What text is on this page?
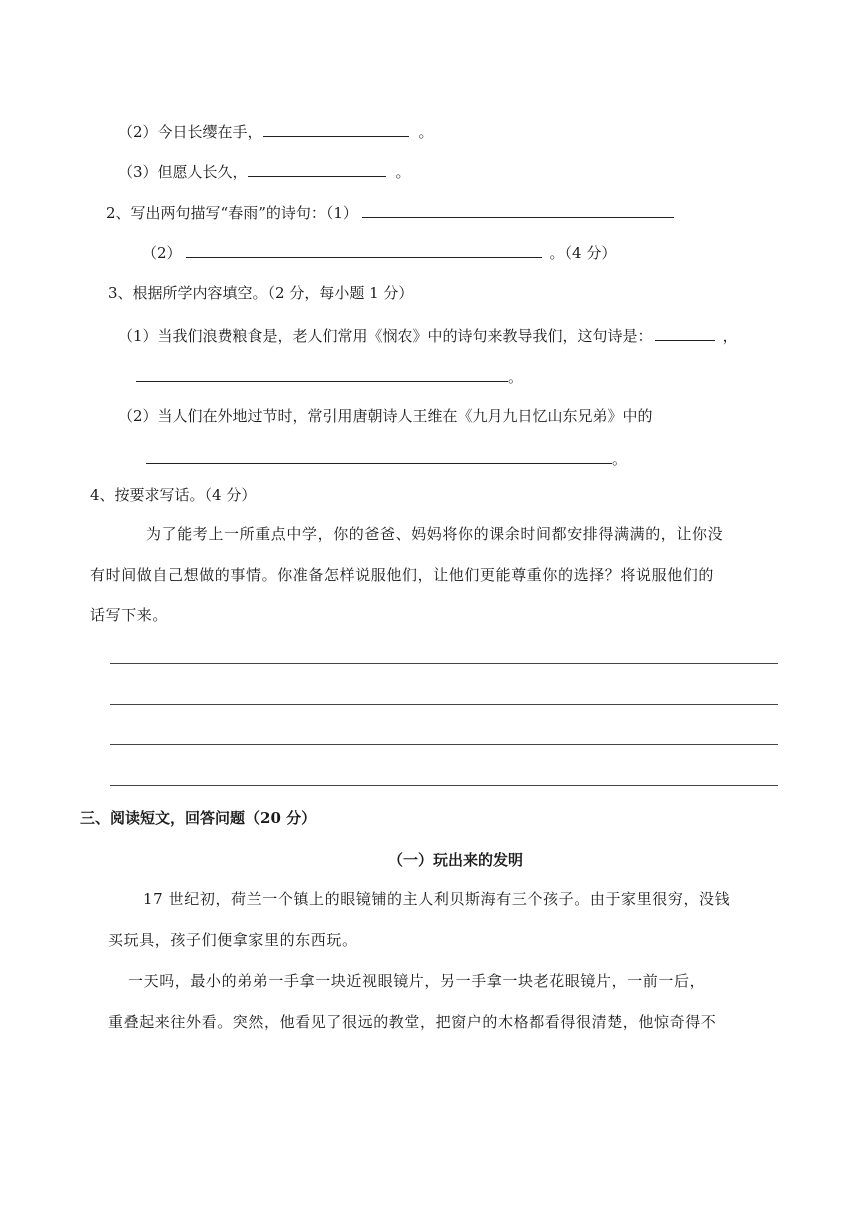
（2）今日长缨在手，	。
（3）但愿人长久，	。
2、写出两句描写“春雨”的诗句：（1）
（2）	。（4 分）
3、根据所学内容填空。（2 分，每小题 1 分）
（1）当我们浪费粮食是，老人们常用《悯农》中的诗句来教导我们，这句诗是：	，
。
（2）当人们在外地过节时，常引用唐朝诗人王维在《九月九日忆山东兄弟》中的
。
4、按要求写话。（4 分）
为了能考上一所重点中学，你的爸爸、妈妈将你的课余时间都安排得满满的，让你没
有时间做自己想做的事情。你准备怎样说服他们，让他们更能尊重你的选择？将说服他们的
话写下来。
三、阅读短文，回答问题（20 分）
（一）玩出来的发明
17 世纪初，荷兰一个镇上的眼镜铺的主人利贝斯海有三个孩子。由于家里很穷，没钱
买玩具，孩子们便拿家里的东西玩。
一天吗，最小的弟弟一手拿一块近视眼镜片，另一手拿一块老花眼镜片，一前一后，
重叠起来往外看。突然，他看见了很远的教堂，把窗户的木格都看得很清楚，他惊奇得不
